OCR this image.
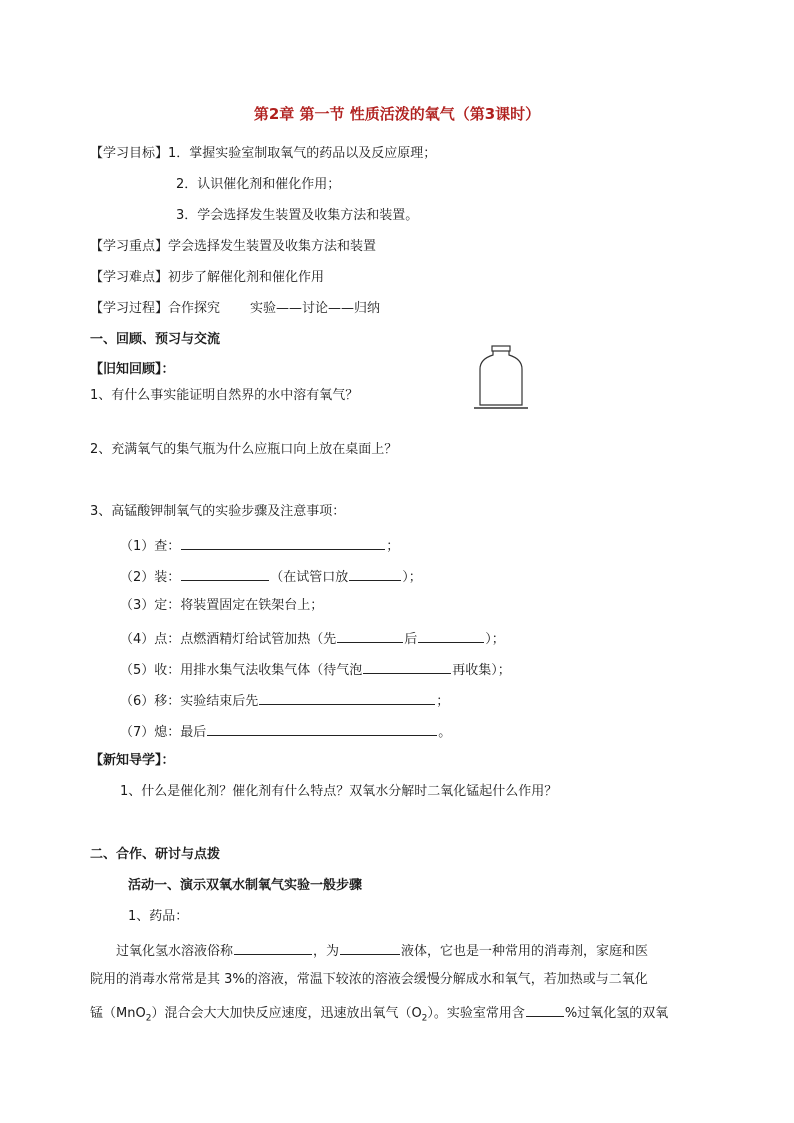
第2章 第一节 性质活泼的氧气（第3课时）
【学习目标】1．掌握实验室制取氧气的药品以及反应原理；
2．认识催化剂和催化作用；
3．学会选择发生装置及收集方法和装置。
【学习重点】学会选择发生装置及收集方法和装置
【学习难点】初步了解催化剂和催化作用
【学习过程】合作探究 实验——讨论——归纳
一、回顾、预习与交流
【旧知回顾】：
1、有什么事实能证明自然界的水中溶有氧气？
2、充满氧气的集气瓶为什么应瓶口向上放在桌面上？
3、高锰酸钾制氧气的实验步骤及注意事项：
（1）查：	；
（2）装：	（在试管口放	）；
（3）定：将装置固定在铁架台上；
（4）点：点燃酒精灯给试管加热（先	后	）；
（5）收：用排水集气法收集气体（待气泡	再收集）；
（6）移：实验结束后先	；
（7）熄：最后	。
【新知导学】：
1、什么是催化剂？催化剂有什么特点？双氧水分解时二氧化锰起什么作用？
二、合作、研讨与点拨
活动一、演示双氧水制氧气实验一般步骤
1、药品：
过氧化氢水溶液俗称	，为	液体，它也是一种常用的消毒剂，家庭和医
院用的消毒水常常是其 3%的溶液，常温下较浓的溶液会缓慢分解成水和氧气，若加热或与二氧化
锰（MnO$_2$）混合会大大加快反应速度，迅速放出氧气$(O_2)$。实验室常用含	%过氧化氢的双氧
